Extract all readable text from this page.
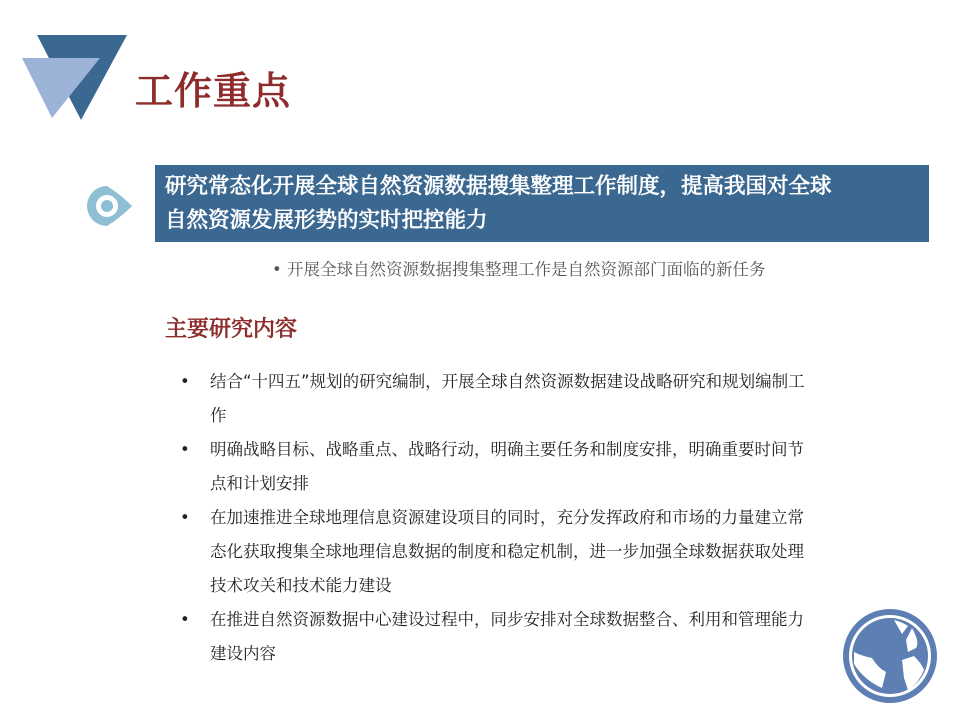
工作重点
研究常态化开展全球自然资源数据搜集整理工作制度，提高我国对全球
自然资源发展形势的实时把控能力
• 开展全球自然资源数据搜集整理工作是自然资源部门面临的新任务
主要研究内容
• 结合“十四五”规划的研究编制，开展全球自然资源数据建设战略研究和规划编制工作
• 明确战略目标、战略重点、战略行动，明确主要任务和制度安排，明确重要时间节点和计划安排
• 在加速推进全球地理信息资源建设项目的同时，充分发挥政府和市场的力量建立常态化获取搜集全球地理信息数据的制度和稳定机制，进一步加强全球数据获取处理技术攻关和技术能力建设
• 在推进自然资源数据中心建设过程中，同步安排对全球数据整合、利用和管理能力建设内容
